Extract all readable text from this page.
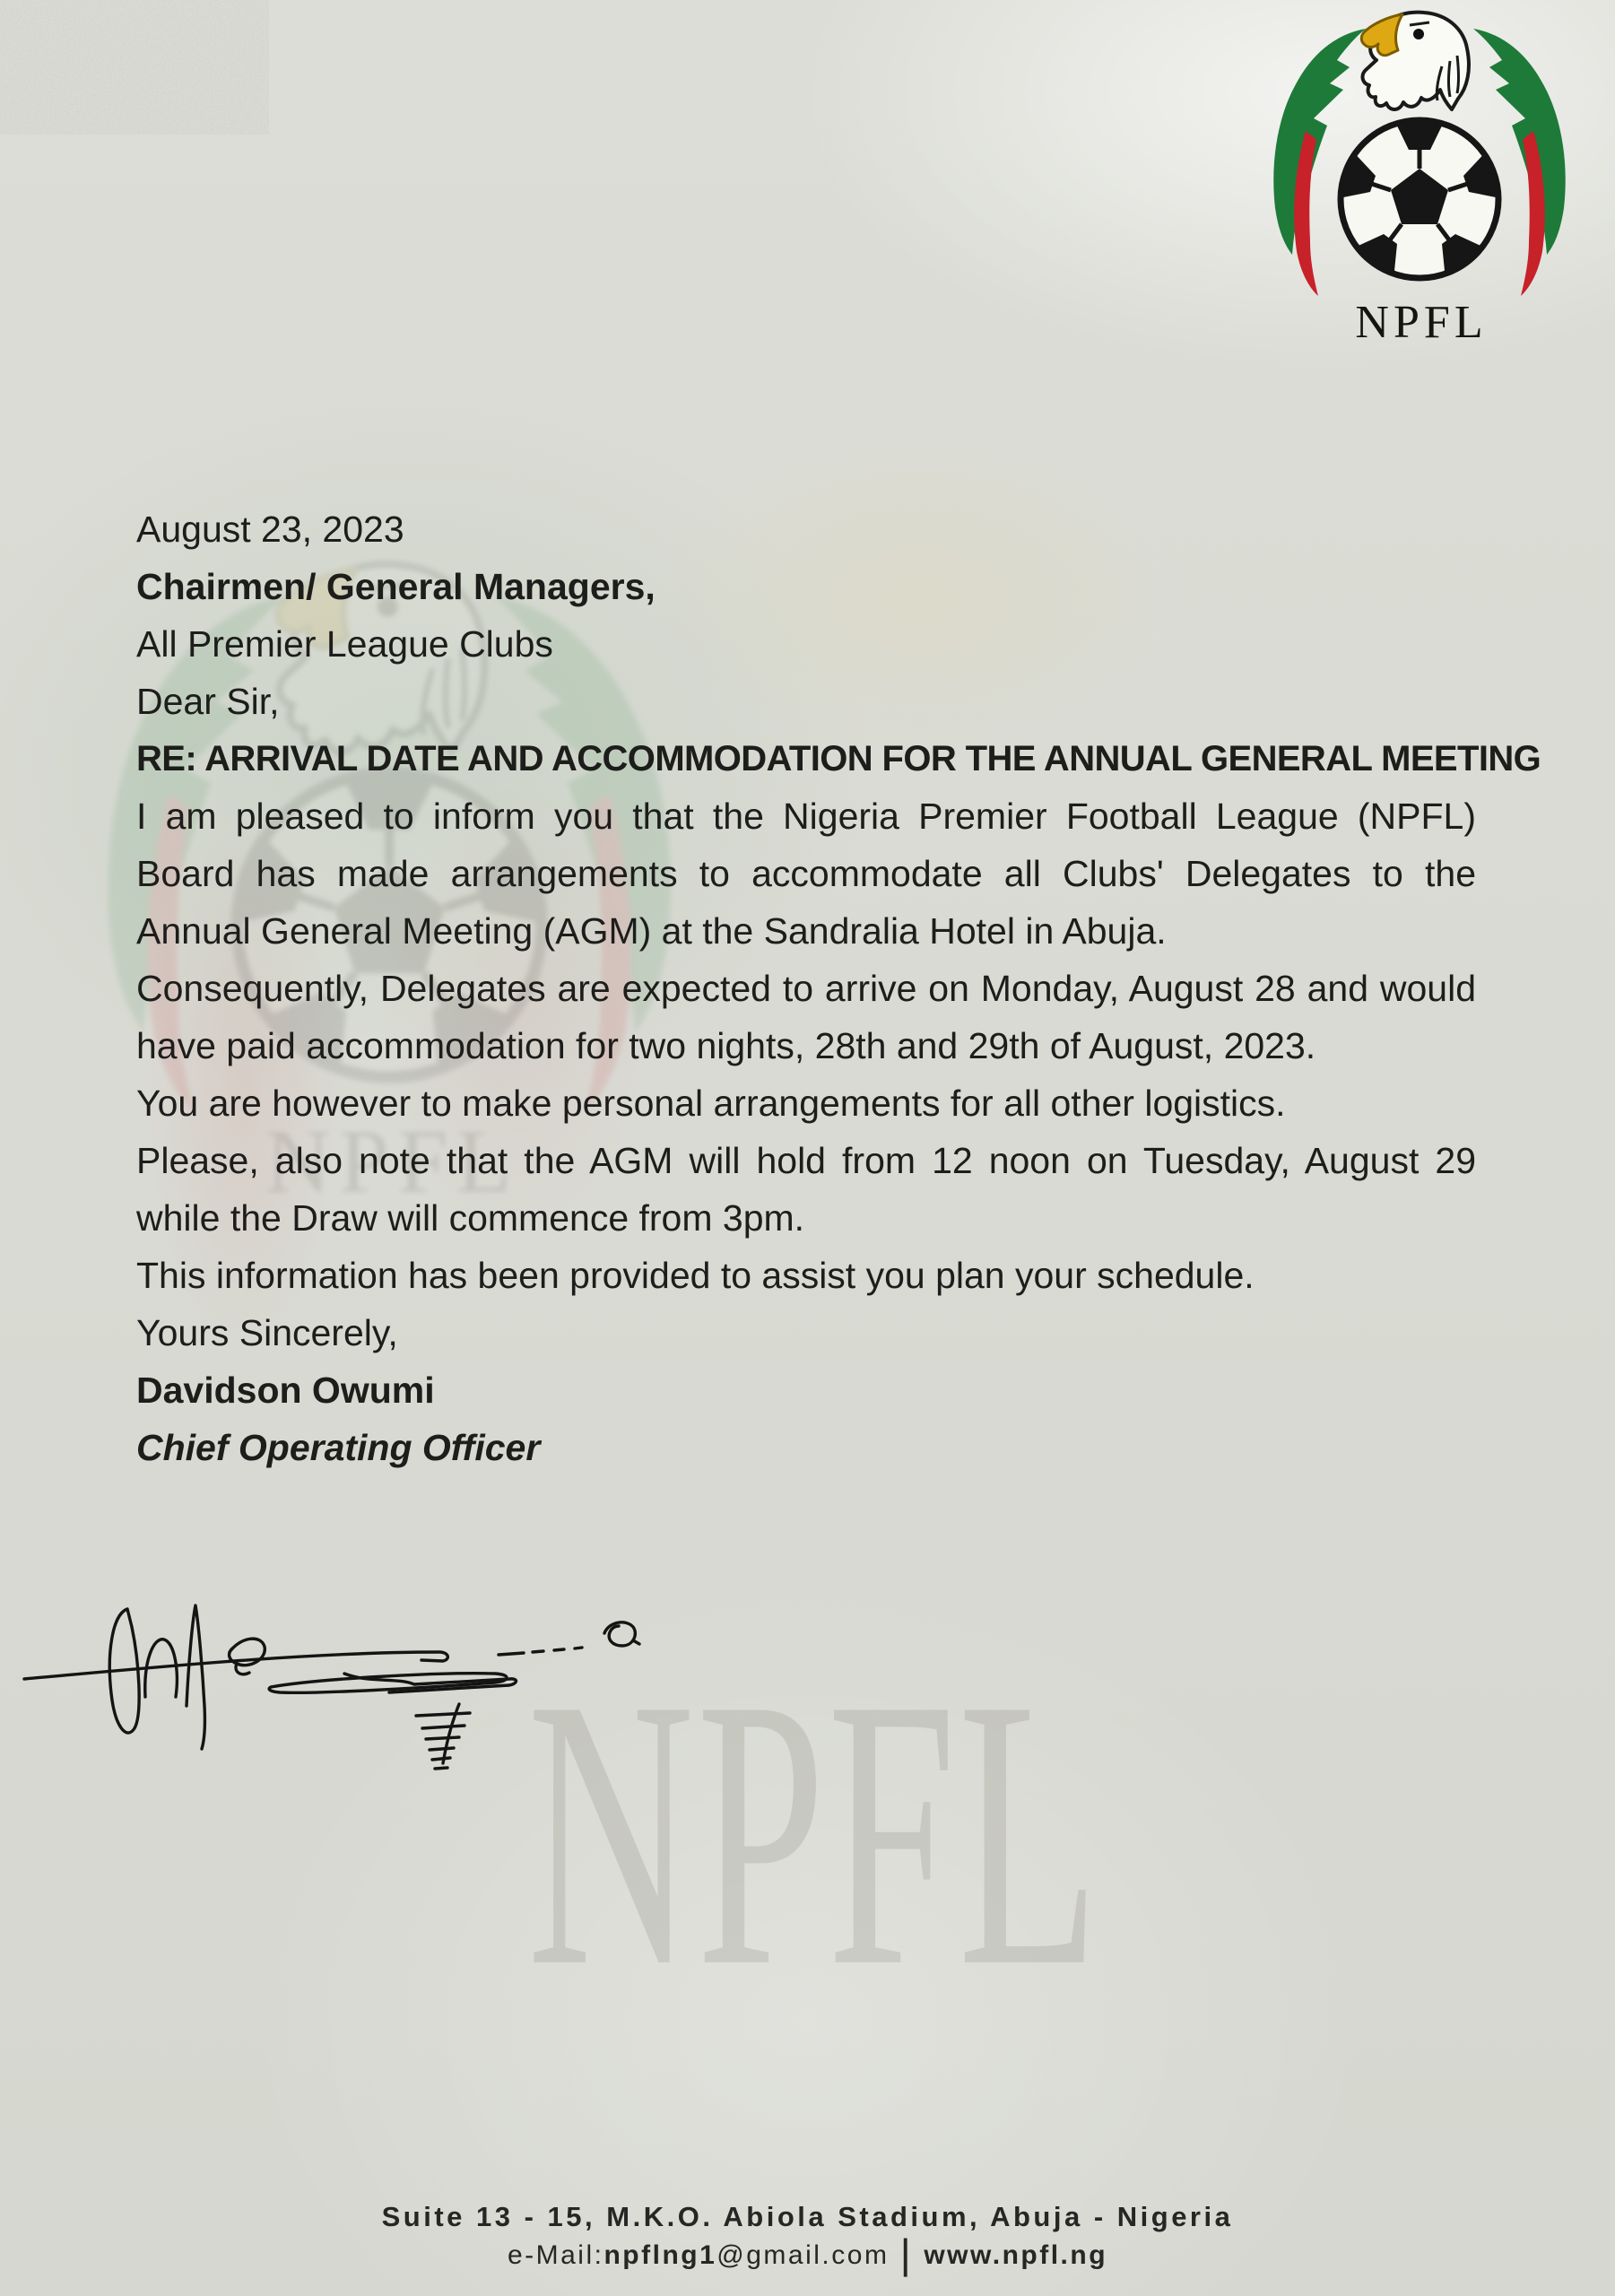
NPFL

August 23, 2023

Chairmen/ General Managers,

All Premier League Clubs

Dear Sir,

RE: ARRIVAL DATE AND ACCOMMODATION FOR THE ANNUAL GENERAL MEETING

I am pleased to inform you that the Nigeria Premier Football League (NPFL) Board has made arrangements to accommodate all Clubs' Delegates to the Annual General Meeting (AGM) at the Sandralia Hotel in Abuja.

Consequently, Delegates are expected to arrive on Monday, August 28 and would have paid accommodation for two nights, 28th and 29th of August, 2023.

You are however to make personal arrangements for all other logistics.

Please, also note that the AGM will hold from 12 noon on Tuesday, August 29 while the Draw will commence from 3pm.

This information has been provided to assist you plan your schedule.

Yours Sincerely,

Davidson Owumi

Chief Operating Officer

Suite 13 - 15, M.K.O. Abiola Stadium, Abuja - Nigeria
e-Mail:npflng1@gmail.com | www.npfl.ng
